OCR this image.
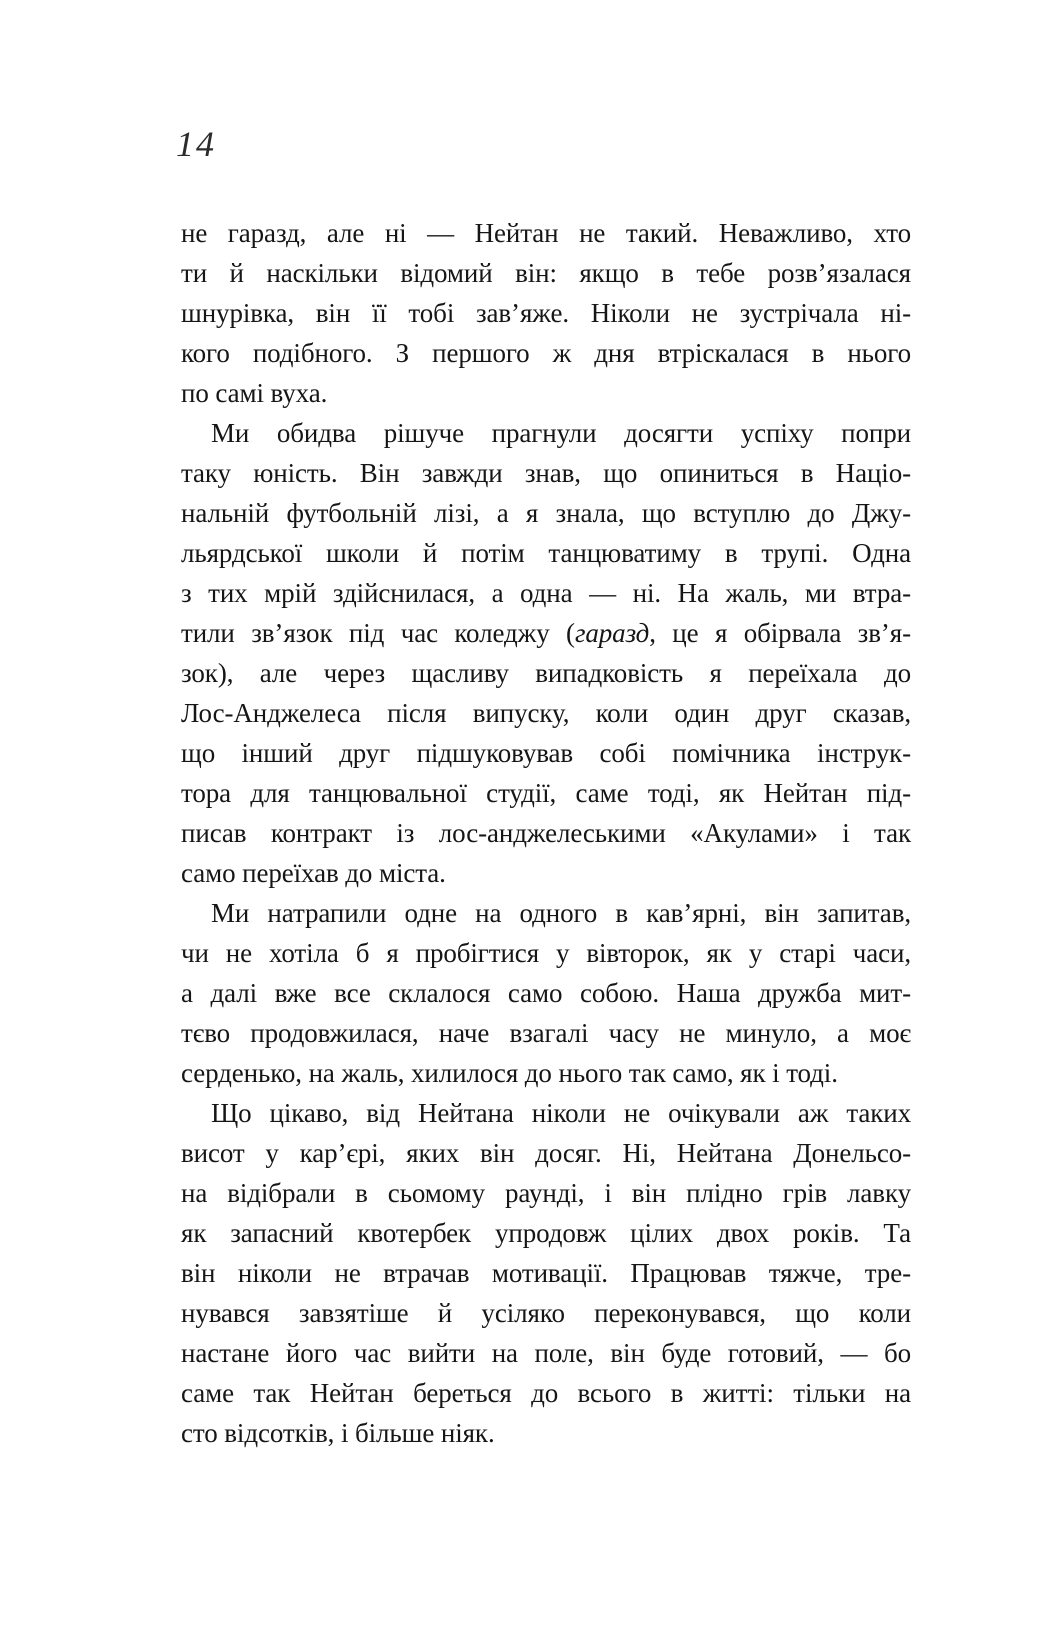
14
не гаразд, але ні — Нейтан не такий. Неважливо, хто
ти й наскільки відомий він: якщо в тебе розв’язалася
шнурівка, він її тобі зав’яже. Ніколи не зустрічала ні-
кого подібного. З першого ж дня втріскалася в нього
по самі вуха.
Ми обидва рішуче прагнули досягти успіху попри
таку юність. Він завжди знав, що опиниться в Націо-
нальній футбольній лізі, а я знала, що вступлю до Джу-
льярдської школи й потім танцюватиму в трупі. Одна
з тих мрій здійснилася, а одна — ні. На жаль, ми втра-
тили зв’язок під час коледжу (гаразд, це я обірвала зв’я-
зок), але через щасливу випадковість я переїхала до
Лос-Анджелеса після випуску, коли один друг сказав,
що інший друг підшуковував собі помічника інструк-
тора для танцювальної студії, саме тоді, як Нейтан під-
писав контракт із лос-анджелеськими «Акулами» і так
само переїхав до міста.
Ми натрапили одне на одного в кав’ярні, він запитав,
чи не хотіла б я пробігтися у вівторок, як у старі часи,
а далі вже все склалося само собою. Наша дружба мит-
тєво продовжилася, наче взагалі часу не минуло, а моє
серденько, на жаль, хилилося до нього так само, як і тоді.
Що цікаво, від Нейтана ніколи не очікували аж таких
висот у кар’єрі, яких він досяг. Ні, Нейтана Донельсо-
на відібрали в сьомому раунді, і він плідно грів лавку
як запасний квотербек упродовж цілих двох років. Та
він ніколи не втрачав мотивації. Працював тяжче, тре-
нувався завзятіше й усіляко переконувався, що коли
настане його час вийти на поле, він буде готовий, — бо
саме так Нейтан береться до всього в житті: тільки на
сто відсотків, і більше ніяк.
